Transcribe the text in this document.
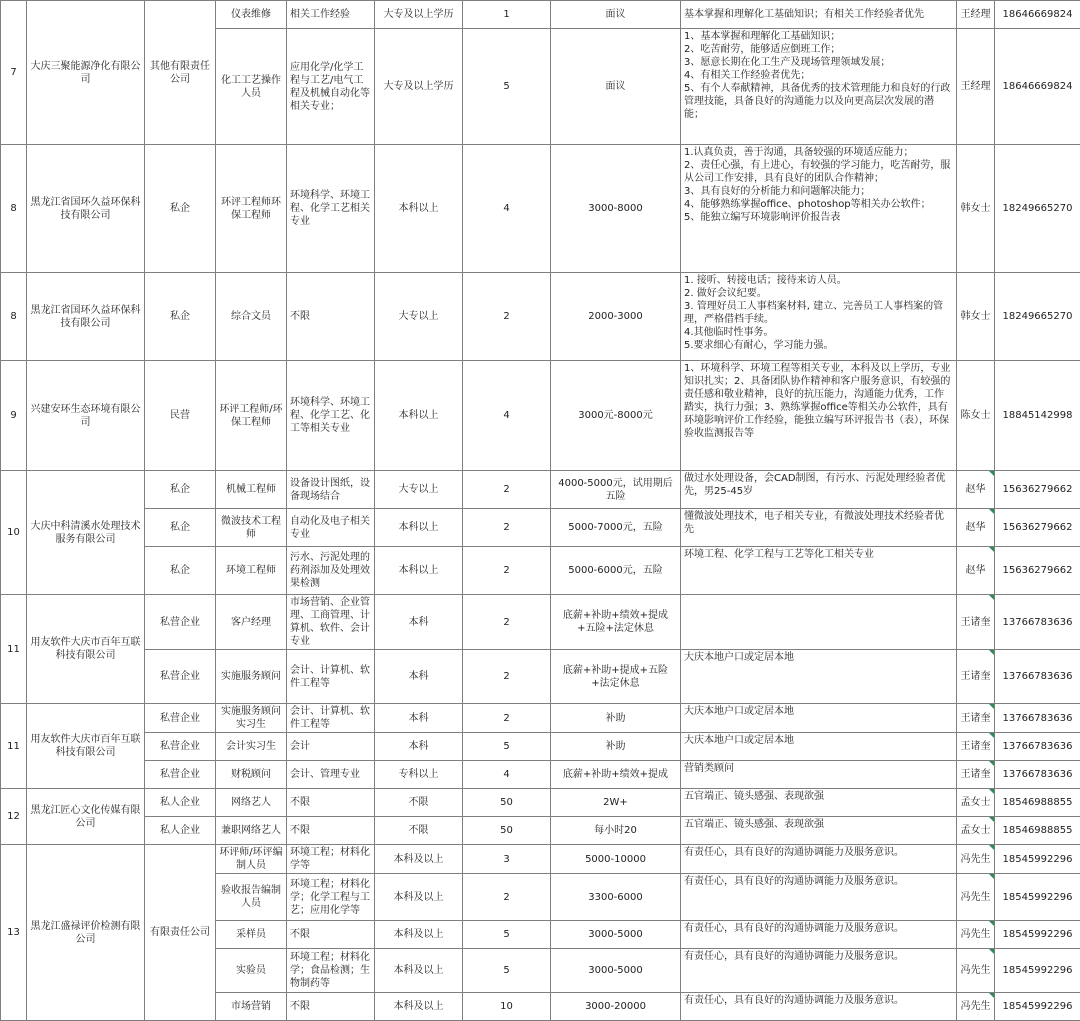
7	大庆三聚能源净化有限公司	其他有限责任公司	仪表维修	相关工作经验	大专及以上学历	1	面议	基本掌握和理解化工基础知识；有相关工作经验者优先	王经理	18646669824
			化工工艺操作人员	应用化学/化学工程与工艺/电气工程及机械自动化等相关专业；	大专及以上学历	5	面议	1、基本掌握和理解化工基础知识；
2、吃苦耐劳，能够适应倒班工作；
3、愿意长期在化工生产及现场管理领域发展；
4、有相关工作经验者优先；
5、有个人奉献精神，具备优秀的技术管理能力和良好的行政管理技能，具备良好的沟通能力以及向更高层次发展的潜能；	王经理	18646669824
8	黑龙江省国环久益环保科技有限公司	私企	环评工程师环保工程师	环境科学、环境工程、化学工艺相关专业	本科以上	4	3000-8000	1.认真负责，善于沟通，具备较强的环境适应能力；
2、责任心强，有上进心，有较强的学习能力，吃苦耐劳，服从公司工作安排，具有良好的团队合作精神；
3、具有良好的分析能力和问题解决能力；
4、能够熟练掌握office、photoshop等相关办公软件；
5、能独立编写环境影响评价报告表	韩女士	18249665270
8	黑龙江省国环久益环保科技有限公司	私企	综合文员	不限	大专以上	2	2000-3000	1. 接听、转接电话；接待来访人员。
2. 做好会议纪要。
3. 管理好员工人事档案材料, 建立、完善员工人事档案的管理，严格借档手续。
4.其他临时性事务。
5.要求细心有耐心，学习能力强。	韩女士	18249665270
9	兴建安环生态环境有限公司	民营	环评工程师/环保工程师	环境科学、环境工程、化学工艺、化工等相关专业	本科以上	4	3000元-8000元	1、环境科学、环境工程等相关专业，本科及以上学历，专业知识扎实；2、具备团队协作精神和客户服务意识，有较强的责任感和敬业精神，良好的抗压能力，沟通能力优秀，工作踏实，执行力强；3、熟练掌握office等相关办公软件，具有环境影响评价工作经验，能独立编写环评报告书（表），环保验收监测报告等	陈女士	18845142998
10	大庆中科清溪水处理技术服务有限公司	私企	机械工程师	设备设计图纸，设备现场结合	大专以上	2	4000-5000元，试用期后五险	做过水处理设备，会CAD制图，有污水、污泥处理经验者优先，男25-45岁	赵华	15636279662
		私企	微波技术工程师	自动化及电子相关专业	本科以上	2	5000-7000元，五险	懂微波处理技术，电子相关专业，有微波处理技术经验者优先	赵华	15636279662
		私企	环境工程师	污水、污泥处理的药剂添加及处理效果检测	本科以上	2	5000-6000元，五险	环境工程、化学工程与工艺等化工相关专业	赵华	15636279662
11	用友软件大庆市百年互联科技有限公司	私营企业	客户经理	市场营销、企业管理、工商管理、计算机、软件、会计专业	本科	2	底薪+补助+绩效+提成+五险+法定休息		王诸奎	13766783636
		私营企业	实施服务顾问	会计、计算机、软件工程等	本科	2	底薪+补助+提成+五险+法定休息	大庆本地户口或定居本地	王诸奎	13766783636
11	用友软件大庆市百年互联科技有限公司	私营企业	实施服务顾问实习生	会计、计算机、软件工程等	本科	2	补助	大庆本地户口或定居本地	王诸奎	13766783636
		私营企业	会计实习生	会计	本科	5	补助	大庆本地户口或定居本地	王诸奎	13766783636
		私营企业	财税顾问	会计、管理专业	专科以上	4	底薪+补助+绩效+提成	营销类顾问	王诸奎	13766783636
12	黑龙江匠心文化传媒有限公司	私人企业	网络艺人	不限	不限	50	2W+	五官端正、镜头感强、表现欲强	孟女士	18546988855
		私人企业	兼职网络艺人	不限	不限	50	每小时20	五官端正、镜头感强、表现欲强	孟女士	18546988855
13	黑龙江盛禄评价检测有限公司	有限责任公司	环评师/环评编制人员	环境工程；材料化学等	本科及以上	3	5000-10000	有责任心，具有良好的沟通协调能力及服务意识。	冯先生	18545992296
			验收报告编制人员	环境工程；材料化学；化学工程与工艺；应用化学等	本科及以上	2	3300-6000	有责任心，具有良好的沟通协调能力及服务意识。	冯先生	18545992296
			采样员	不限	本科及以上	5	3000-5000	有责任心，具有良好的沟通协调能力及服务意识。	冯先生	18545992296
			实验员	环境工程；材料化学；食品检测；生物制药等	本科及以上	5	3000-5000	有责任心，具有良好的沟通协调能力及服务意识。	冯先生	18545992296
			市场营销	不限	本科及以上	10	3000-20000	有责任心，具有良好的沟通协调能力及服务意识。	冯先生	18545992296
